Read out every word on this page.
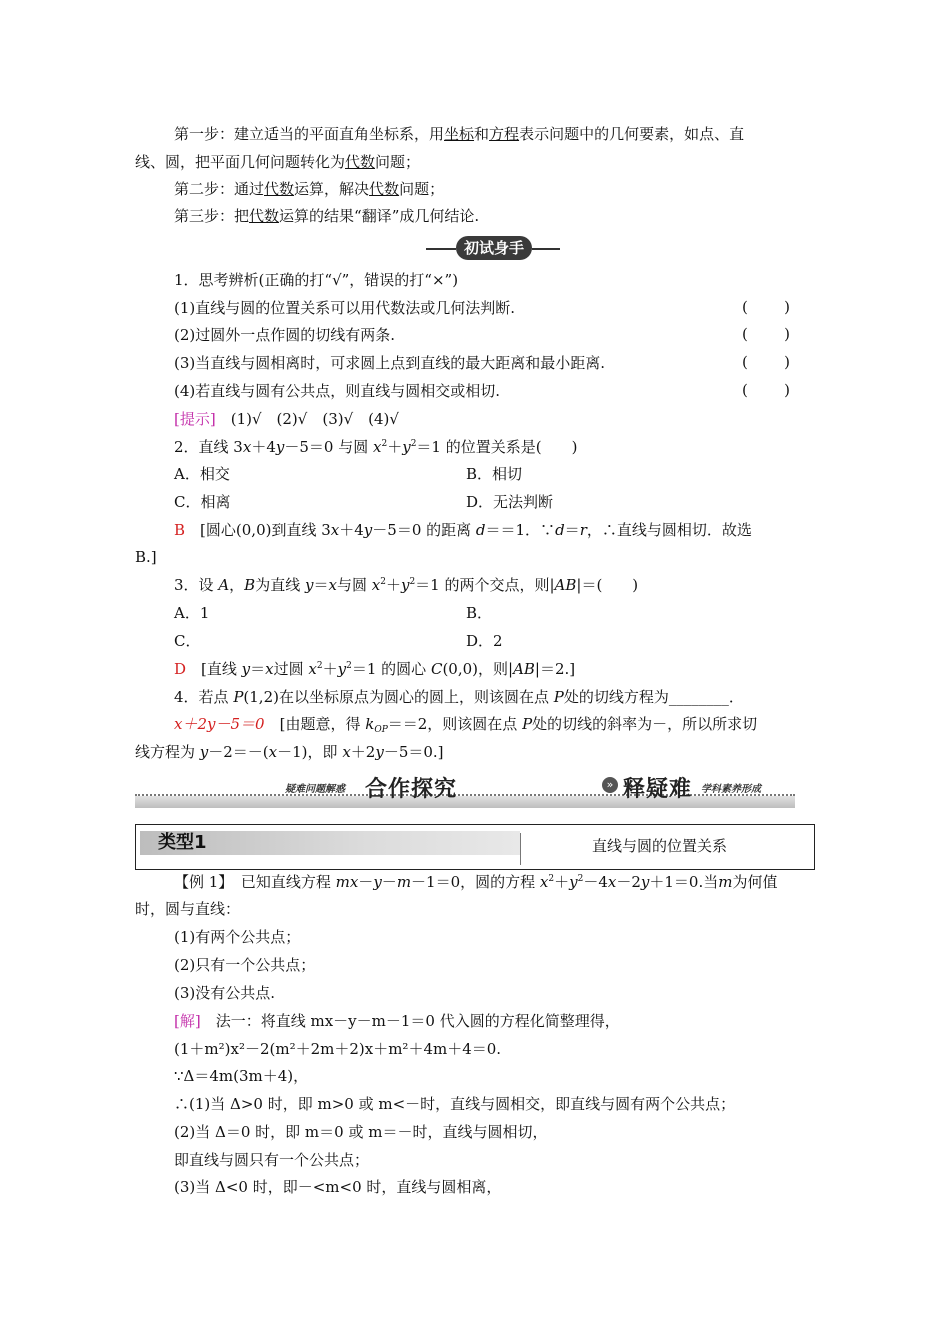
第一步：建立适当的平面直角坐标系，用坐标和方程表示问题中的几何要素，如点、直
线、圆，把平面几何问题转化为代数问题；
第二步：通过代数运算，解决代数问题；
第三步：把代数运算的结果“翻译”成几何结论.
初试身手
1．思考辨析(正确的打“√”，错误的打“×”)
(1)直线与圆的位置关系可以用代数法或几何法判断.	( )
(2)过圆外一点作圆的切线有两条.	( )
(3)当直线与圆相离时，可求圆上点到直线的最大距离和最小距离.	( )
(4)若直线与圆有公共点，则直线与圆相交或相切.	( )
[提示]　 (1)√　(2)√　(3)√　(4)√
2．直线 3x＋4y－5＝0 与圆 $x^2+y^2=1$ 的位置关系是(　　)
A．相交	B．相切
C．相离	D．无法判断
B　 [圆心(0,0)到直线 3x＋4y－5＝0 的距离 d＝＝1．∵d＝r，∴直线与圆相切．故选
B.]
3．设 A，B为直线 y＝x与圆 $x^2+y^2=1$ 的两个交点，则|AB|＝(　　)
A．1	B．
C．	D．2
D　 [直线 y＝x过圆 $x^2+y^2=1$ 的圆心 C(0,0)，则|AB|＝2.]
4．若点 P(1,2)在以坐标原点为圆心的圆上，则该圆在点 P处的切线方程为________．
x＋2y－5＝0　 [由题意，得 $k_{OP}==2$，则该圆在点 P处的切线的斜率为－，所以所求切
线方程为 y－2＝－(x－1)，即 x＋2y－5＝0.]
疑难问题解惑 合作探究	» 释疑难 学科素养形成
类型1	直线与圆的位置关系
【例 1】　 已知直线方程 mx－y－m－1＝0，圆的方程 $x^2+y^2-4x-2y+1=0$.当m为何值
时，圆与直线：
(1)有两个公共点；
(2)只有一个公共点；
(3)没有公共点.
[解]　 法一：将直线 mx－y－m－1＝0 代入圆的方程化简整理得，
(1＋m²)x²－2(m²＋2m＋2)x＋m²＋4m＋4＝0.
∵Δ＝4m(3m＋4)，
∴(1)当 Δ>0 时，即 m>0 或 m<－时，直线与圆相交，即直线与圆有两个公共点；
(2)当 Δ＝0 时，即 m＝0 或 m＝－时，直线与圆相切，
即直线与圆只有一个公共点；
(3)当 Δ<0 时，即－<m<0 时，直线与圆相离，
